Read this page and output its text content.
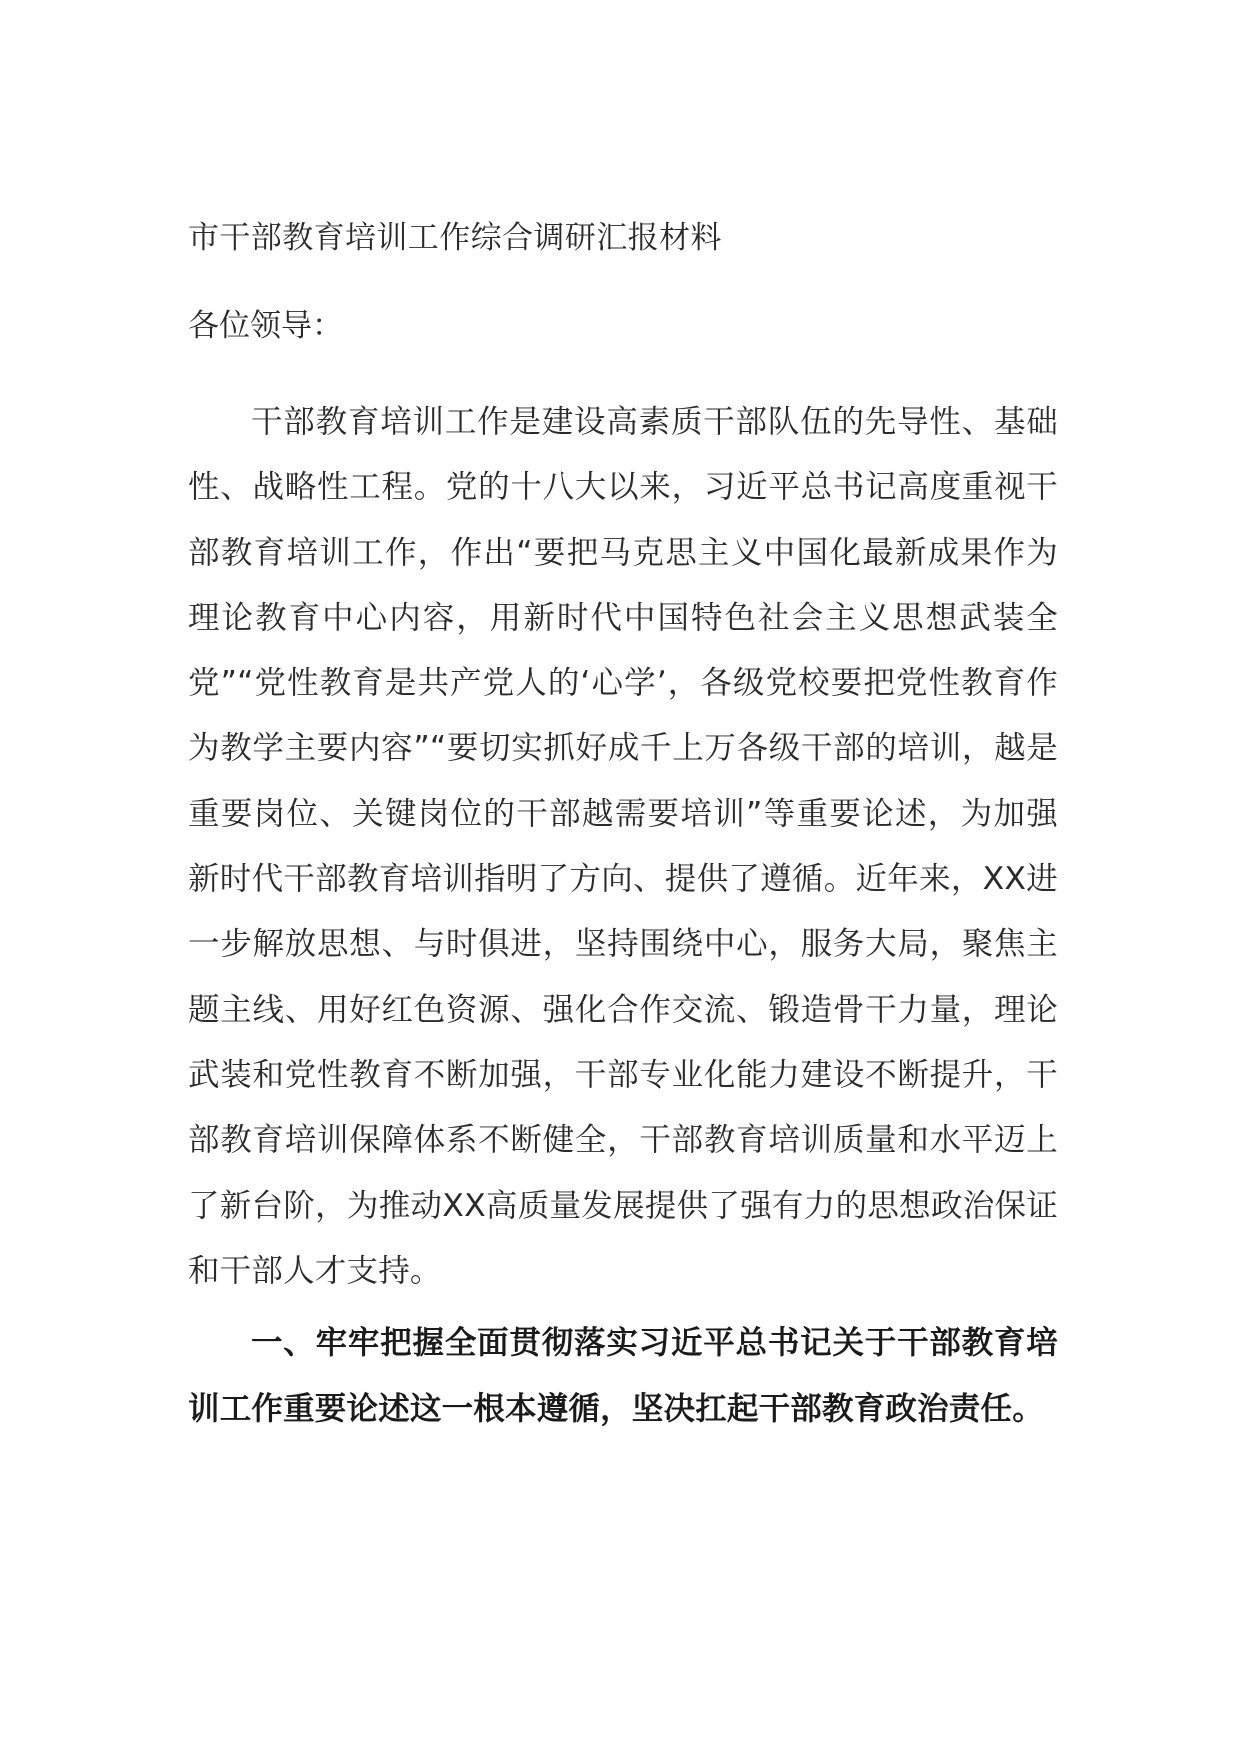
市干部教育培训工作综合调研汇报材料

各位领导：

干部教育培训工作是建设高素质干部队伍的先导性、基础性、战略性工程。党的十八大以来，习近平总书记高度重视干部教育培训工作，作出“要把马克思主义中国化最新成果作为理论教育中心内容，用新时代中国特色社会主义思想武装全党”“党性教育是共产党人的‘心学’，各级党校要把党性教育作为教学主要内容”“要切实抓好成千上万各级干部的培训，越是重要岗位、关键岗位的干部越需要培训”等重要论述，为加强新时代干部教育培训指明了方向、提供了遵循。近年来，XX进一步解放思想、与时俱进，坚持围绕中心，服务大局，聚焦主题主线、用好红色资源、强化合作交流、锻造骨干力量，理论武装和党性教育不断加强，干部专业化能力建设不断提升，干部教育培训保障体系不断健全，干部教育培训质量和水平迈上了新台阶，为推动XX高质量发展提供了强有力的思想政治保证和干部人才支持。

一、牢牢把握全面贯彻落实习近平总书记关于干部教育培训工作重要论述这一根本遵循，坚决扛起干部教育政治责任。
